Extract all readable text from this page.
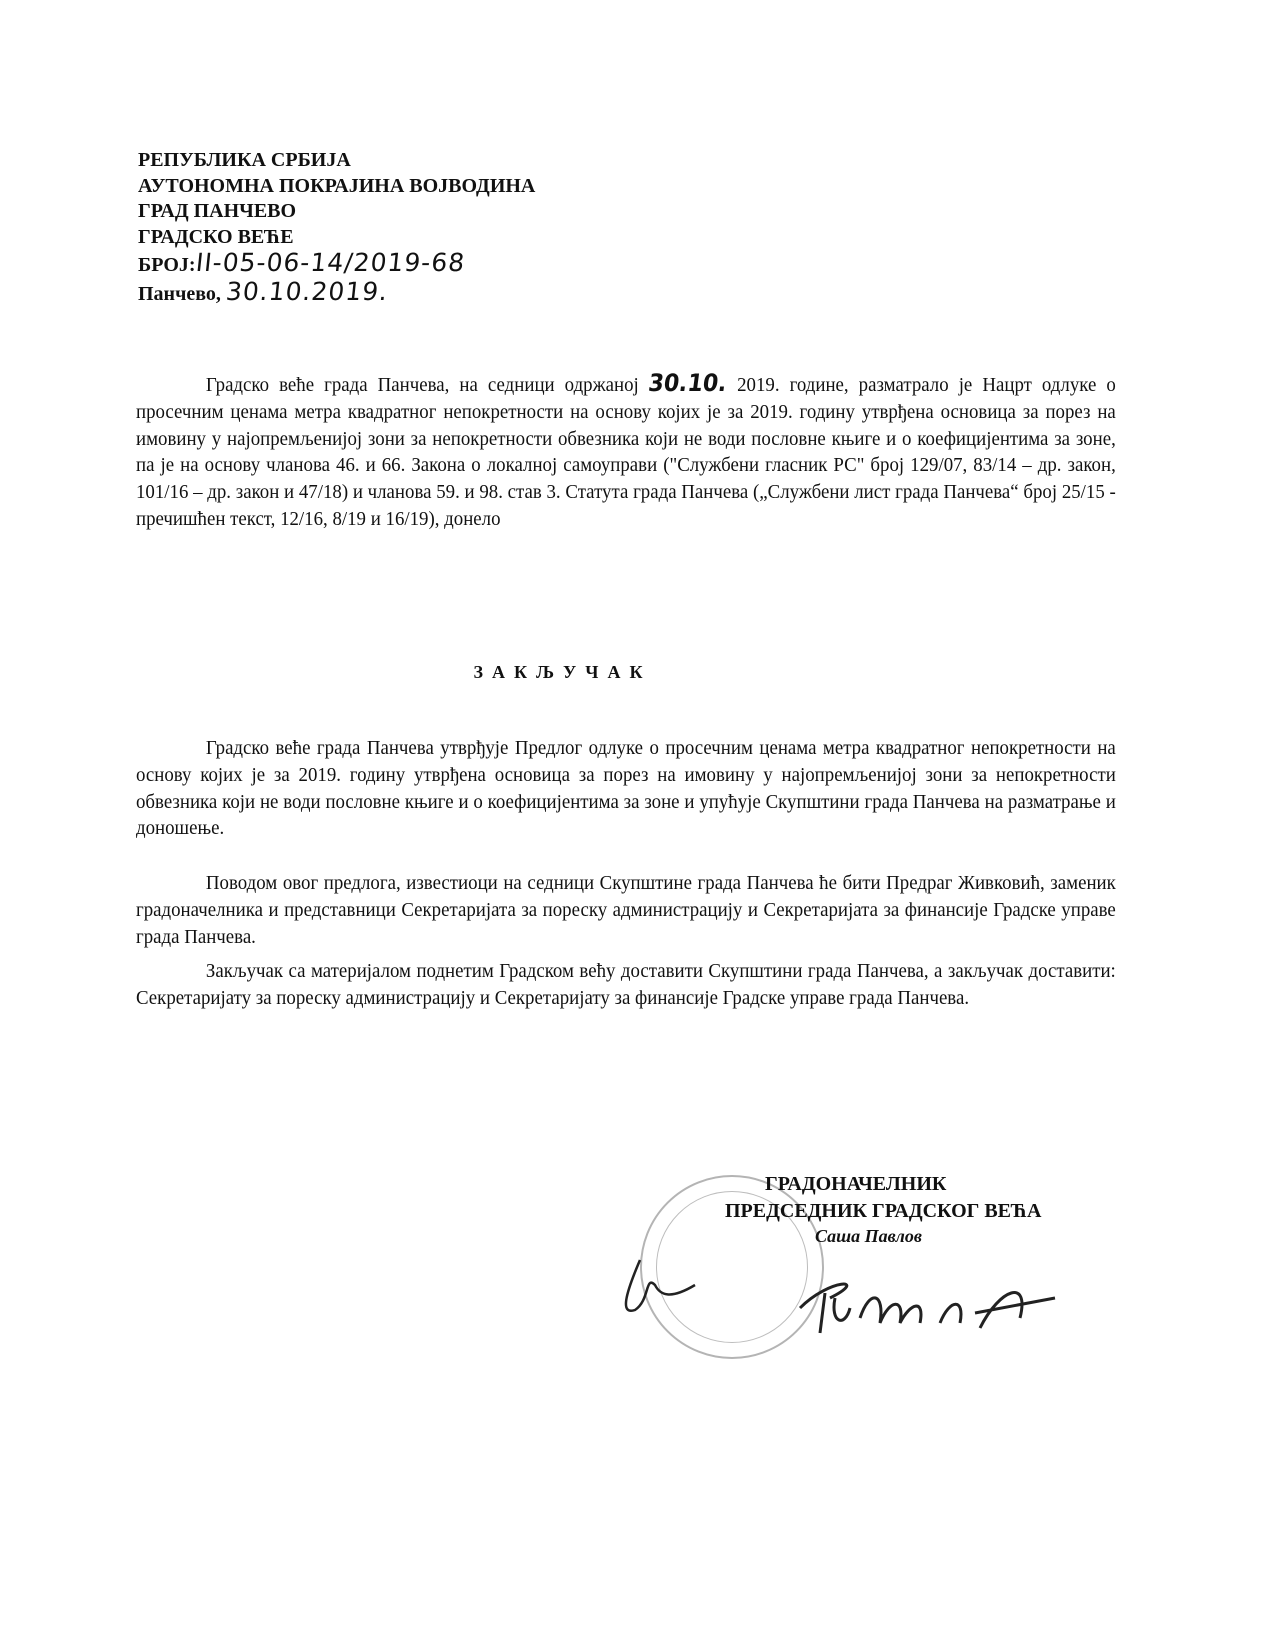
РЕПУБЛИКА СРБИЈА
АУТОНОМНА ПОКРАЈИНА ВОЈВОДИНА
ГРАД ПАНЧЕВО
ГРАДСКО ВЕЋЕ
БРОЈ:II-05-06-14/2019-68
Панчево, 30.10.2019.
Градско веће града Панчева, на седници одржаној 30.10. 2019. године, разматрало је Нацрт одлуке о просечним ценама метра квадратног непокретности на основу којих је за 2019. годину утврђена основица за порез на имовину у најопремљенијој зони за непокретности обвезника који не води пословне књиге и о коефицијентима за зоне, па је на основу чланова 46. и 66. Закона о локалној самоуправи ("Службени гласник РС" број 129/07, 83/14 – др. закон, 101/16 – др. закон и 47/18) и чланова 59. и 98. став 3. Статута града Панчева („Службени лист града Панчева“ број 25/15 - пречишћен текст, 12/16, 8/19 и 16/19), донело
ЗАКЉУЧАК
Градско веће града Панчева утврђује Предлог одлуке о просечним ценама метра квадратног непокретности на основу којих је за 2019. годину утврђена основица за порез на имовину у најопремљенијој зони за непокретности обвезника који не води пословне књиге и о коефицијентима за зоне и упућује Скупштини града Панчева на разматрање и доношење.
Поводом овог предлога, известиоци на седници Скупштине града Панчева ће бити Предраг Живковић, заменик градоначелника и представници Секретаријата за пореску администрацију и Секретаријата за финансије Градске управе града Панчева.
Закључак са материјалом поднетим Градском већу доставити Скупштини града Панчева, а закључак доставити: Секретаријату за пореску администрацију и Секретаријату за финансије Градске управе града Панчева.
ГРАДОНАЧЕЛНИК
ПРЕДСЕДНИК ГРАДСКОГ ВЕЋА
Саша Павлов
